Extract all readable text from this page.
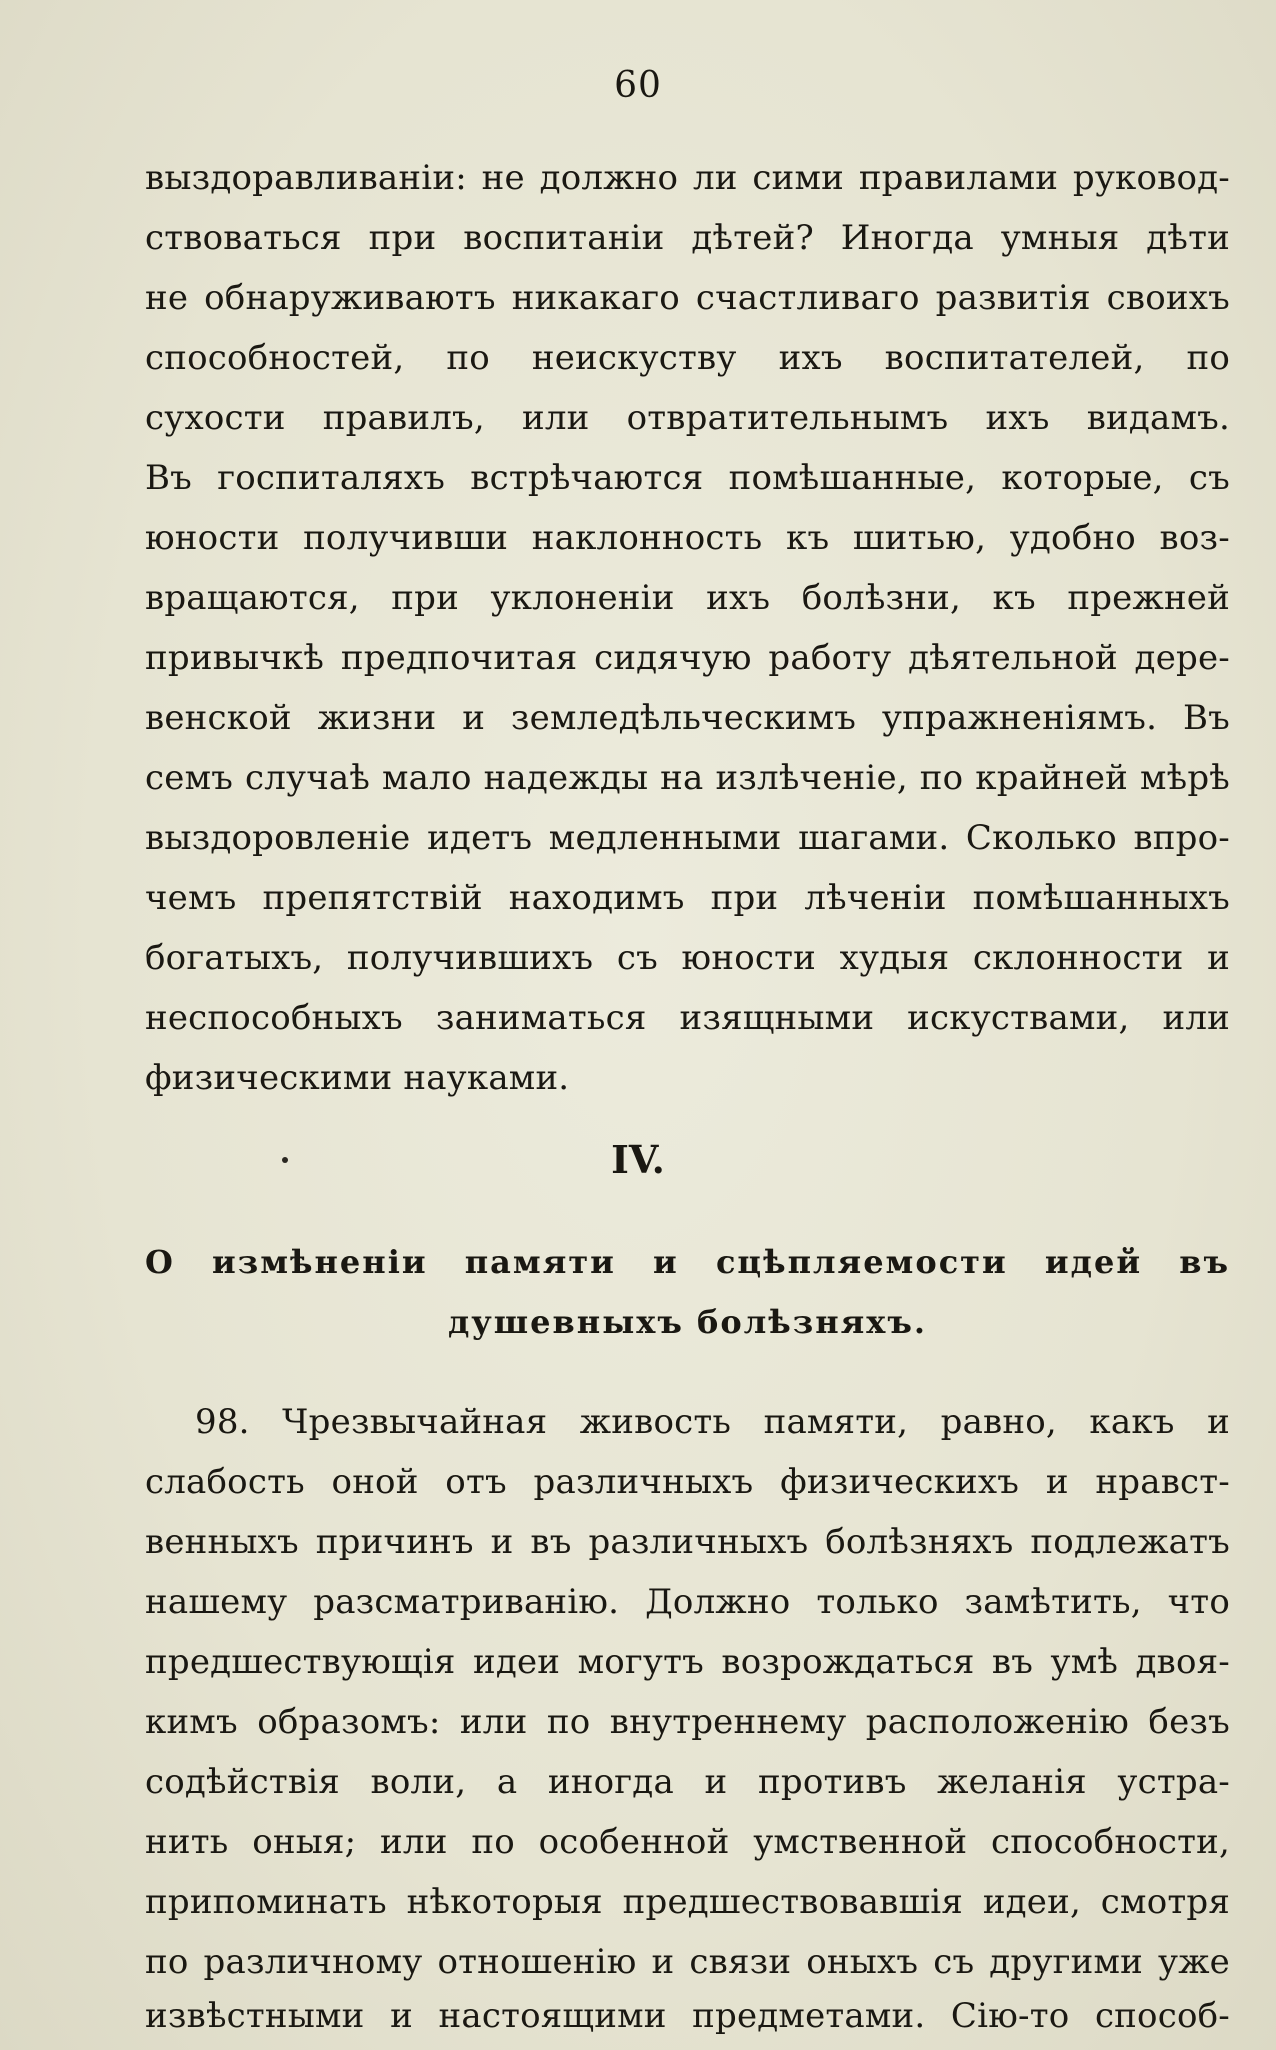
60
выздоравливаніи: не должно ли сими правилами руковод-
ствоваться при воспитаніи дѣтей? Иногда умныя дѣти
не обнаруживаютъ никакаго счастливаго развитія своихъ
способностей, по неискуству ихъ воспитателей, по
сухости правилъ, или отвратительнымъ ихъ видамъ.
Въ госпиталяхъ встрѣчаются помѣшанные, которые, съ
юности получивши наклонность къ шитью, удобно воз-
вращаются, при уклоненіи ихъ болѣзни, къ прежней
привычкѣ предпочитая сидячую работу дѣятельной дере-
венской жизни и земледѣльческимъ упражненіямъ. Въ
семъ случаѣ мало надежды на излѣченіе, по крайней мѣрѣ
выздоровленіе идетъ медленными шагами. Сколько впро-
чемъ препятствій находимъ при лѣченіи помѣшанныхъ
богатыхъ, получившихъ съ юности худыя склонности и
неспособныхъ заниматься изящными искуствами, или
физическими науками.
IV.
О измѣненіи памяти и сцѣпляемости идей въ
душевныхъ болѣзняхъ.
98. Чрезвычайная живость памяти, равно, какъ и
слабость оной отъ различныхъ физическихъ и нравст-
венныхъ причинъ и въ различныхъ болѣзняхъ подлежатъ
нашему разсматриванію. Должно только замѣтить, что
предшествующія идеи могутъ возрождаться въ умѣ двоя-
кимъ образомъ: или по внутреннему расположенію безъ
содѣйствія воли, а иногда и противъ желанія устра-
нить оныя; или по особенной умственной способности,
припоминать нѣкоторыя предшествовавшія идеи, смотря
по различному отношенію и связи оныхъ съ другими уже
извѣстными и настоящими предметами. Сію-то способ-
